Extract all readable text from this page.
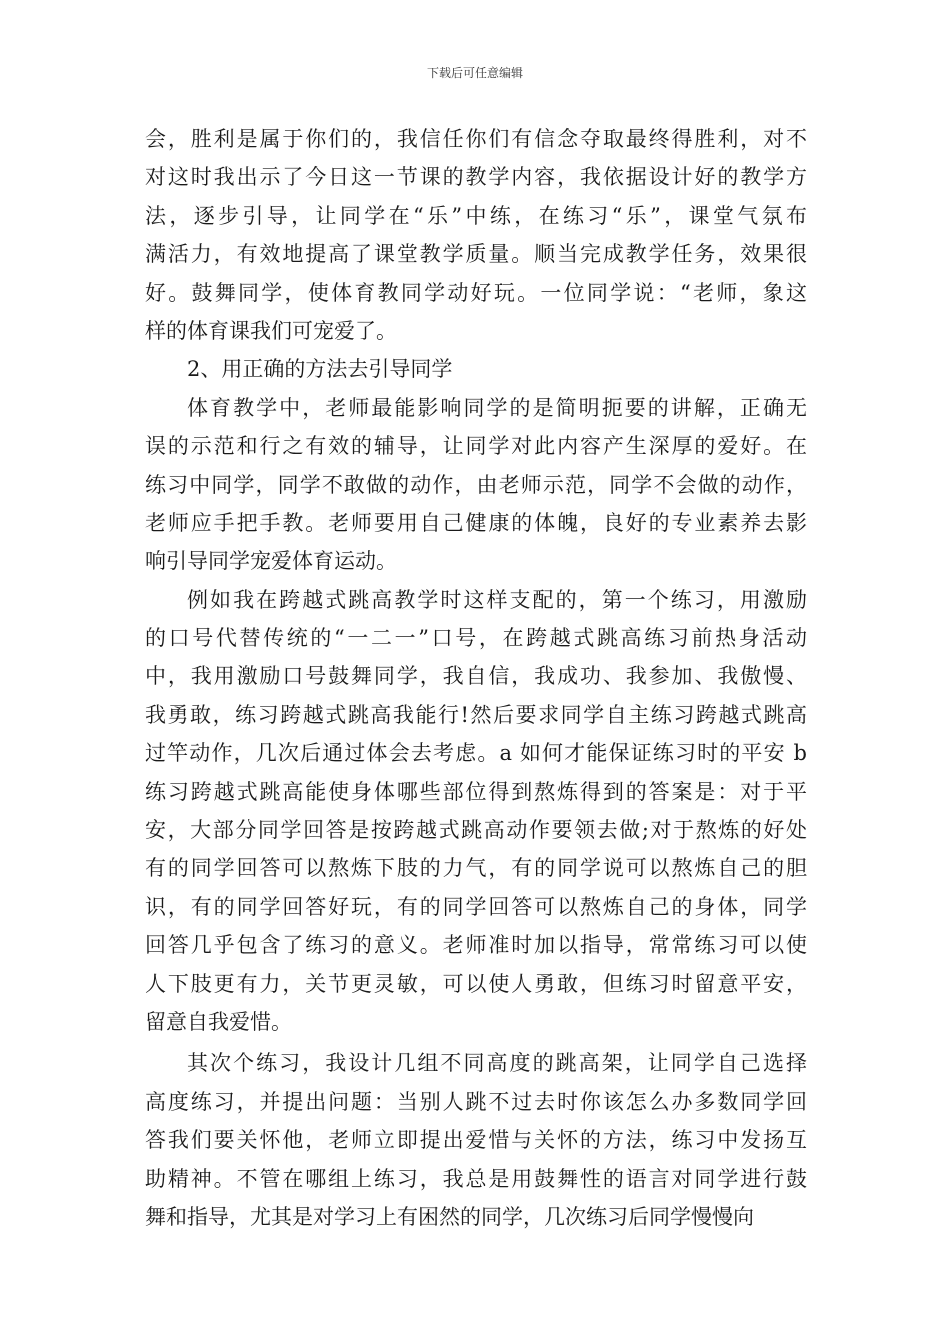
下载后可任意编辑
会，胜利是属于你们的，我信任你们有信念夺取最终得胜利，对不
对这时我出示了今日这一节课的教学内容，我依据设计好的教学方
法，逐步引导，让同学在“乐”中练，在练习“乐”，课堂气氛布
满活力，有效地提高了课堂教学质量。顺当完成教学任务，效果很
好。鼓舞同学，使体育教同学动好玩。一位同学说：“老师，象这
样的体育课我们可宠爱了。
2、用正确的方法去引导同学
体育教学中，老师最能影响同学的是简明扼要的讲解，正确无
误的示范和行之有效的辅导，让同学对此内容产生深厚的爱好。在
练习中同学，同学不敢做的动作，由老师示范，同学不会做的动作，
老师应手把手教。老师要用自己健康的体魄，良好的专业素养去影
响引导同学宠爱体育运动。
例如我在跨越式跳高教学时这样支配的，第一个练习，用激励
的口号代替传统的“一二一”口号，在跨越式跳高练习前热身活动
中，我用激励口号鼓舞同学，我自信，我成功、我参加、我傲慢、
我勇敢，练习跨越式跳高我能行!然后要求同学自主练习跨越式跳高
过竿动作，几次后通过体会去考虑。a 如何才能保证练习时的平安 b
练习跨越式跳高能使身体哪些部位得到熬炼得到的答案是：对于平
安，大部分同学回答是按跨越式跳高动作要领去做;对于熬炼的好处
有的同学回答可以熬炼下肢的力气，有的同学说可以熬炼自己的胆
识，有的同学回答好玩，有的同学回答可以熬炼自己的身体，同学
回答几乎包含了练习的意义。老师准时加以指导，常常练习可以使
人下肢更有力，关节更灵敏，可以使人勇敢，但练习时留意平安，
留意自我爱惜。
其次个练习，我设计几组不同高度的跳高架，让同学自己选择
高度练习，并提出问题：当别人跳不过去时你该怎么办多数同学回
答我们要关怀他，老师立即提出爱惜与关怀的方法，练习中发扬互
助精神。不管在哪组上练习，我总是用鼓舞性的语言对同学进行鼓
舞和指导，尤其是对学习上有困然的同学，几次练习后同学慢慢向
